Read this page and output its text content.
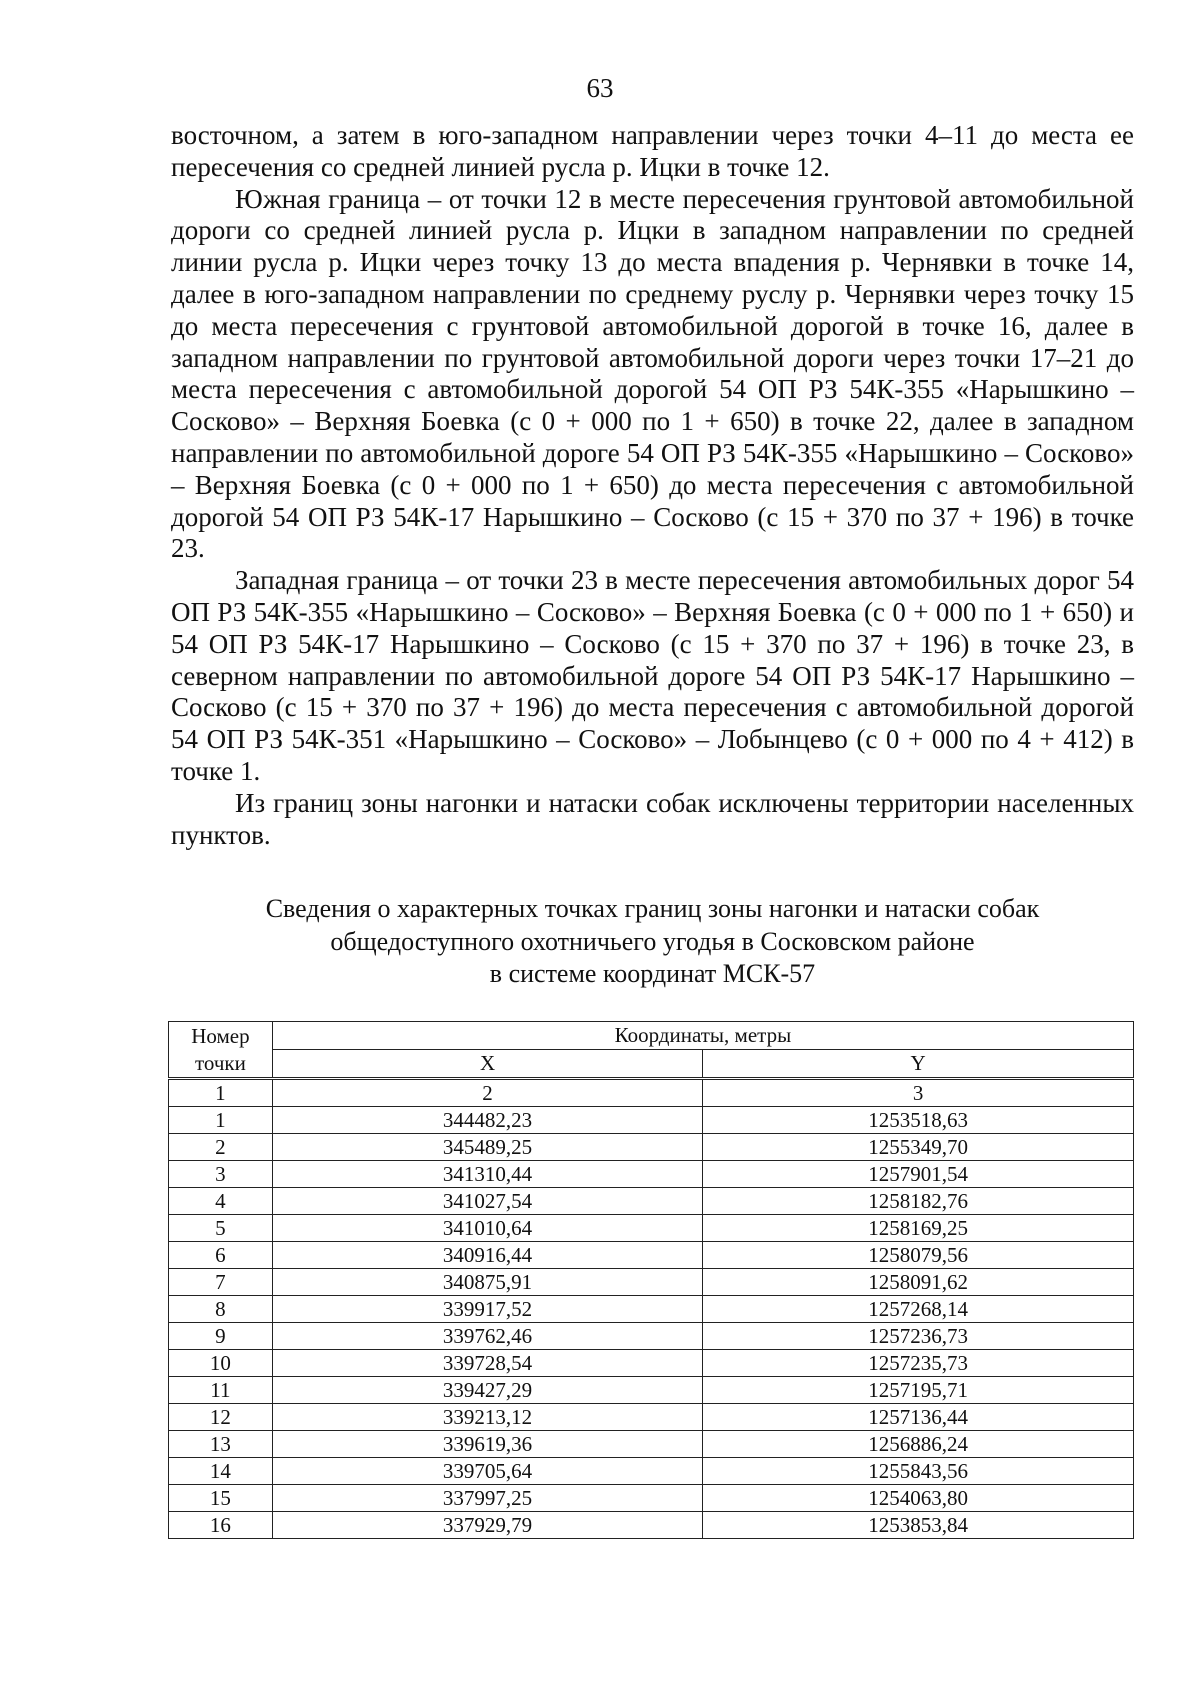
63

восточном, а затем в юго-западном направлении через точки 4–11 до места ее пересечения со средней линией русла р. Ицки в точке 12.

Южная граница – от точки 12 в месте пересечения грунтовой автомобильной дороги со средней линией русла р. Ицки в западном направлении по средней линии русла р. Ицки через точку 13 до места впадения р. Чернявки в точке 14, далее в юго-западном направлении по среднему руслу р. Чернявки через точку 15 до места пересечения с грунтовой автомобильной дорогой в точке 16, далее в западном направлении по грунтовой автомобильной дороги через точки 17–21 до места пересечения с автомобильной дорогой 54 ОП РЗ 54К-355 «Нарышкино – Сосково» – Верхняя Боевка (с 0 + 000 по 1 + 650) в точке 22, далее в западном направлении по автомобильной дороге 54 ОП РЗ 54К-355 «Нарышкино – Сосково» – Верхняя Боевка (с 0 + 000 по 1 + 650) до места пересечения с автомобильной дорогой 54 ОП РЗ 54К-17 Нарышкино – Сосково (с 15 + 370 по 37 + 196) в точке 23.

Западная граница – от точки 23 в месте пересечения автомобильных дорог 54 ОП РЗ 54К-355 «Нарышкино – Сосково» – Верхняя Боевка (с 0 + 000 по 1 + 650) и 54 ОП РЗ 54К-17 Нарышкино – Сосково (с 15 + 370 по 37 + 196) в точке 23, в северном направлении по автомобильной дороге 54 ОП РЗ 54К-17 Нарышкино – Сосково (с 15 + 370 по 37 + 196) до места пересечения с автомобильной дорогой 54 ОП РЗ 54К-351 «Нарышкино – Сосково» – Лобынцево (с 0 + 000 по 4 + 412) в точке 1.

Из границ зоны нагонки и натаски собак исключены территории населенных пунктов.

Сведения о характерных точках границ зоны нагонки и натаски собак
общедоступного охотничьего угодья в Сосковском районе
в системе координат МСК-57
Номер точки	Координаты, метры	
	X	Y
1	2	3
1	344482,23	1253518,63
2	345489,25	1255349,70
3	341310,44	1257901,54
4	341027,54	1258182,76
5	341010,64	1258169,25
6	340916,44	1258079,56
7	340875,91	1258091,62
8	339917,52	1257268,14
9	339762,46	1257236,73
10	339728,54	1257235,73
11	339427,29	1257195,71
12	339213,12	1257136,44
13	339619,36	1256886,24
14	339705,64	1255843,56
15	337997,25	1254063,80
16	337929,79	1253853,84
